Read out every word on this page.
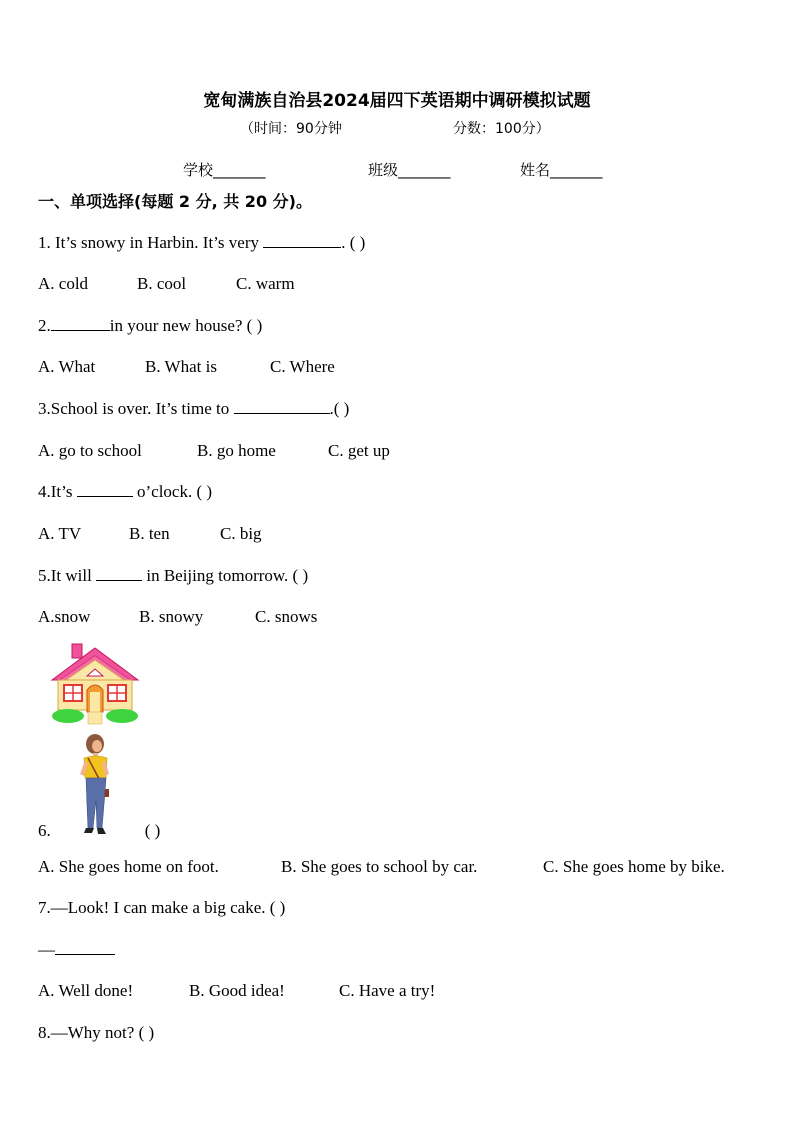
宽甸满族自治县2024届四下英语期中调研模拟试题
（时间：90分钟	分数：100分）
学校_______	班级_______	姓名_______
一、单项选择(每题 2 分, 共 20 分)。
1. It’s snowy in Harbin. It’s very	. ( )
A. cold	B. cool	C. warm
2.	in your new house? ( )
A. What	B. What is	C. Where
3.School is over. It’s time to	.( )
A. go to school	B. go home	C. get up
4.It’s	o’clock. ( )
A. TV	B. ten	C. big
5.It will	in Beijing tomorrow. ( )
A.snow	B. snowy	C. snows
6.	( )
A. She goes home on foot.	B. She goes to school by car.	C. She goes home by bike.
7.—Look! I can make a big cake. ( )
—
A. Well done!	B. Good idea!	C. Have a try!
8.—Why not? ( )
